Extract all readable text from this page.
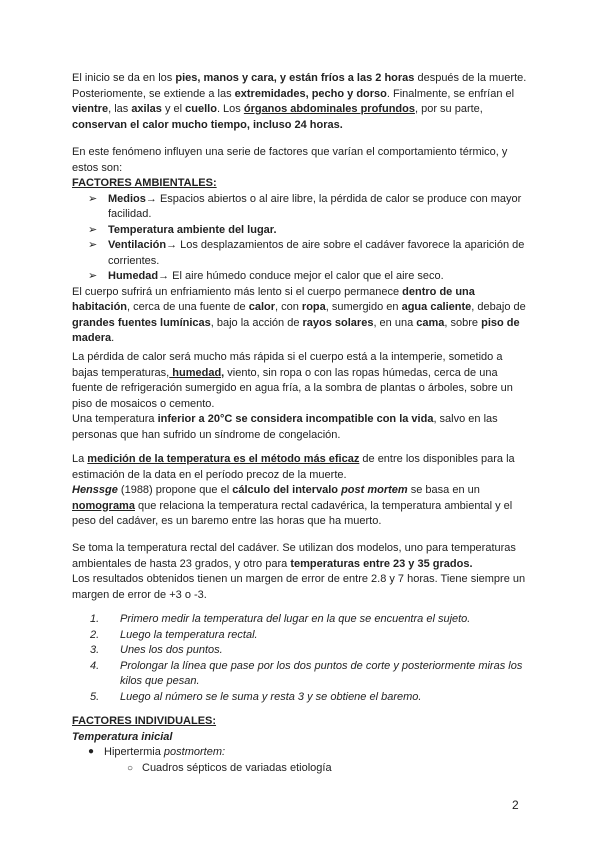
El inicio se da en los pies, manos y cara, y están fríos a las 2 horas después de la muerte. Posteriomente, se extiende a las extremidades, pecho y dorso. Finalmente, se enfrían el vientre, las axilas y el cuello. Los órganos abdominales profundos, por su parte, conservan el calor mucho tiempo, incluso 24 horas.

En este fenómeno influyen una serie de factores que varían el comportamiento térmico, y estos son:

FACTORES AMBIENTALES:

➢ Medios→ Espacios abiertos o al aire libre, la pérdida de calor se produce con mayor facilidad.
➢ Temperatura ambiente del lugar.
➢ Ventilación→ Los desplazamientos de aire sobre el cadáver favorece la aparición de corrientes.
➢ Humedad→ El aire húmedo conduce mejor el calor que el aire seco.

El cuerpo sufrirá un enfriamiento más lento si el cuerpo permanece dentro de una habitación, cerca de una fuente de calor, con ropa, sumergido en agua caliente, debajo de grandes fuentes lumínicas, bajo la acción de rayos solares, en una cama, sobre piso de madera.

La pérdida de calor será mucho más rápida si el cuerpo está a la intemperie, sometido a bajas temperaturas, humedad, viento, sin ropa o con las ropas húmedas, cerca de una fuente de refrigeración sumergido en agua fría, a la sombra de plantas o árboles, sobre un piso de mosaicos o cemento.

Una temperatura inferior a 20°C se considera incompatible con la vida, salvo en las personas que han sufrido un síndrome de congelación.

La medición de la temperatura es el método más eficaz de entre los disponibles para la estimación de la data en el período precoz de la muerte.

Henssge (1988) propone que el cálculo del intervalo post mortem se basa en un nomograma que relaciona la temperatura rectal cadavérica, la temperatura ambiental y el peso del cadáver, es un baremo entre las horas que ha muerto.

Se toma la temperatura rectal del cadáver. Se utilizan dos modelos, uno para temperaturas ambientales de hasta 23 grados, y otro para temperaturas entre 23 y 35 grados.

Los resultados obtenidos tienen un margen de error de entre 2.8 y 7 horas. Tiene siempre un margen de error de +3 o -3.

1. Primero medir la temperatura del lugar en la que se encuentra el sujeto.
2. Luego la temperatura rectal.
3. Unes los dos puntos.
4. Prolongar la línea que pase por los dos puntos de corte y posteriormente miras los kilos que pesan.
5. Luego al número se le suma y resta 3 y se obtiene el baremo.

FACTORES INDIVIDUALES:

Temperatura inicial

● Hipertermia postmortem:
○ Cuadros sépticos de variadas etiología
2
